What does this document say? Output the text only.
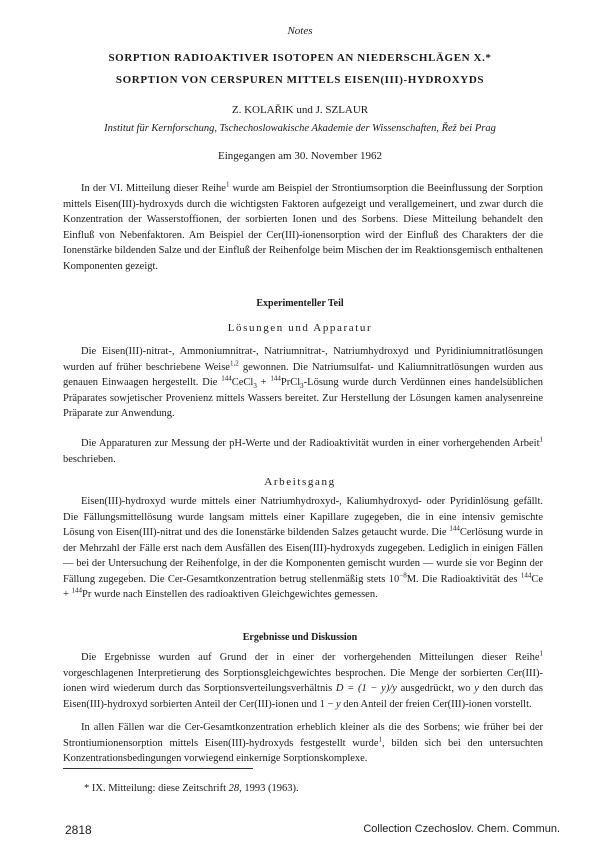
Notes
SORPTION RADIOAKTIVER ISOTOPEN AN NIEDERSCHLÄGEN X.*
SORPTION VON CERSPUREN MITTELS EISEN(III)-HYDROXYDS
Z. KOLAŘIK und J. SZLAUR
Institut für Kernforschung, Tschechoslowakische Akademie der Wissenschaften, Řež bei Prag
Eingegangen am 30. November 1962

In der VI. Mitteilung dieser Reihe$^1$ wurde am Beispiel der Strontiumsorption die Beeinflussung der Sorption mittels Eisen(III)-hydroxyds durch die wichtigsten Faktoren aufgezeigt und verallgemeinert, und zwar durch die Konzentration der Wasserstoffionen, der sorbierten Ionen und des Sorbens. Diese Mitteilung behandelt den Einfluß von Nebenfaktoren. Am Beispiel der Cer(III)-ionensorption wird der Einfluß des Charakters der die Ionenstärke bildenden Salze und der Einfluß der Reihenfolge beim Mischen der im Reaktionsgemisch enthaltenen Komponenten gezeigt.

Experimenteller Teil
Lösungen und Apparatur

Die Eisen(III)-nitrat-, Ammoniumnitrat-, Natriumnitrat-, Natriumhydroxyd und Pyridiniumnitratlösungen wurden auf früher beschriebene Weise$^{1,2}$ gewonnen. Die Natriumsulfat- und Kaliumnitratlösungen wurden aus genauen Einwaagen hergestellt. Die $^{144}$CeCl$_3$ + $^{144}$PrCl$_3$-Lösung wurde durch Verdünnen eines handelsüblichen Präparates sowjetischer Provenienz mittels Wassers bereitet. Zur Herstellung der Lösungen kamen analysenreine Präparate zur Anwendung.

Die Apparaturen zur Messung der pH-Werte und der Radioaktivität wurden in einer vorhergehenden Arbeit$^1$ beschrieben.

Arbeitsgang

Eisen(III)-hydroxyd wurde mittels einer Natriumhydroxyd-, Kaliumhydroxyd- oder Pyridinlösung gefällt. Die Fällungsmittellösung wurde langsam mittels einer Kapillare zugegeben, die in eine intensiv gemischte Lösung von Eisen(III)-nitrat und des die Ionenstärke bildenden Salzes getaucht wurde. Die $^{144}$Cerlösung wurde in der Mehrzahl der Fälle erst nach dem Ausfällen des Eisen(III)-hydroxyds zugegeben. Lediglich in einigen Fällen — bei der Untersuchung der Reihenfolge, in der die Komponenten gemischt wurden — wurde sie vor Beginn der Fällung zugegeben. Die Cer-Gesamtkonzentration betrug stellenmäßig stets $10^{-8}M$. Die Radioaktivität des $^{144}$Ce + $^{144}$Pr wurde nach Einstellen des radioaktiven Gleichgewichtes gemessen.

Ergebnisse und Diskussion

Die Ergebnisse wurden auf Grund der in einer der vorhergehenden Mitteilungen dieser Reihe$^1$ vorgeschlagenen Interpretierung des Sorptionsgleichgewichtes besprochen. Die Menge der sorbierten Cer(III)-ionen wird wiederum durch das Sorptionsverteilungsverhältnis D = (1 − y)/y ausgedrückt, wo y den durch das Eisen(III)-hydroxyd sorbierten Anteil der Cer(III)-ionen und 1 − y den Anteil der freien Cer(III)-ionen vorstellt.

In allen Fällen war die Cer-Gesamtkonzentration erheblich kleiner als die des Sorbens; wie früher bei der Strontiumionensorption mittels Eisen(III)-hydroxyds festgestellt wurde$^1$, bilden sich bei den untersuchten Konzentrationsbedingungen vorwiegend einkernige Sorptionskomplexe.

* IX. Mitteilung: diese Zeitschrift 28, 1993 (1963).
2818	Collection Czechoslov. Chem. Commun.
